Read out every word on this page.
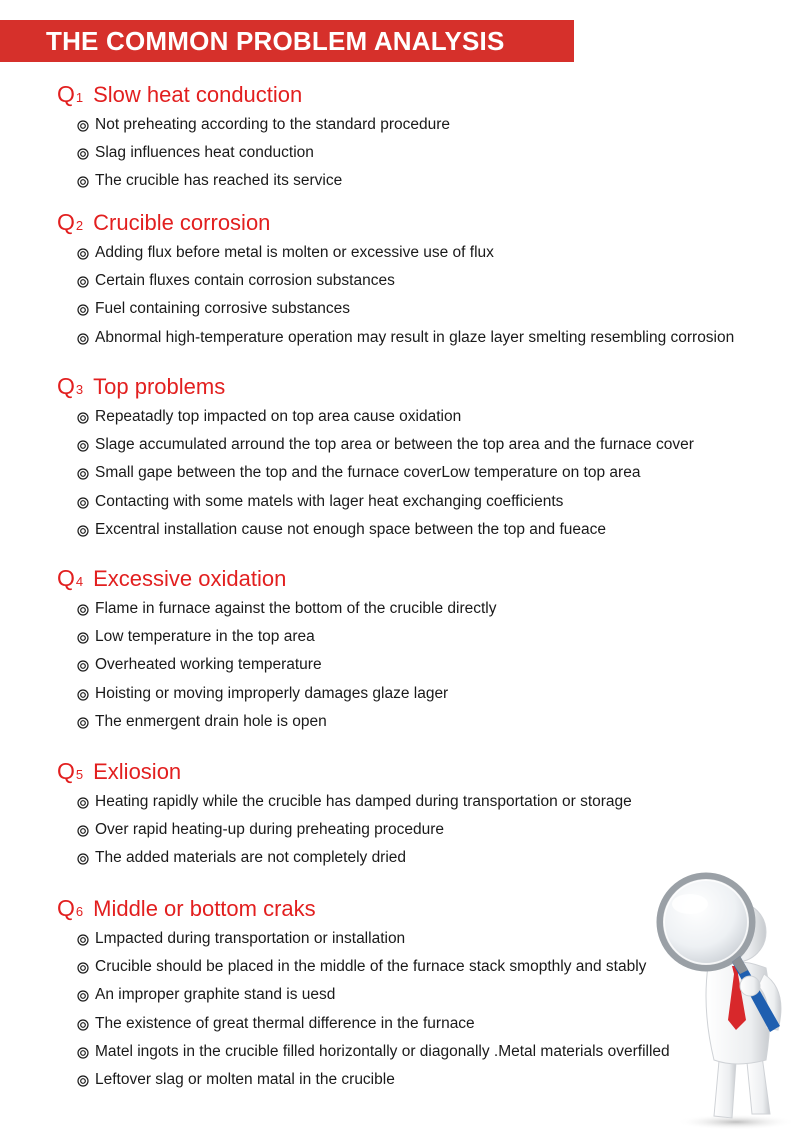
THE COMMON PROBLEM ANALYSIS
Q 1 Slow heat conduction
Not preheating according to the standard procedure
Slag influences heat conduction
The crucible has reached its service
Q 2 Crucible corrosion
Adding flux before metal is molten or excessive use of flux
Certain fluxes contain corrosion substances
Fuel containing corrosive substances
Abnormal high-temperature operation may result in glaze layer smelting resembling corrosion
Q 3 Top problems
Repeatadly top impacted on top area cause oxidation
Slage accumulated arround the top area or between the top area and the furnace cover
Small gape between the top and the furnace coverLow temperature on top area
Contacting with some matels with lager heat exchanging coefficients
Excentral installation cause not enough space between the top and fueace
Q 4 Excessive oxidation
Flame in furnace against the bottom of the crucible directly
Low temperature in the top area
Overheated working temperature
Hoisting or moving improperly damages glaze lager
The enmergent drain hole is open
Q 5 Exliosion
Heating rapidly while the crucible has damped during transportation or storage
Over rapid heating-up during preheating procedure
The added materials are not completely dried
Q 6 Middle or bottom craks
Lmpacted during transportation or installation
Crucible should be placed in the middle of the furnace stack smopthly and stably
An improper graphite stand is uesd
The existence of great thermal difference in the furnace
Matel ingots in the crucible filled horizontally or diagonally .Metal materials overfilled
Leftover slag or molten matal in the crucible
